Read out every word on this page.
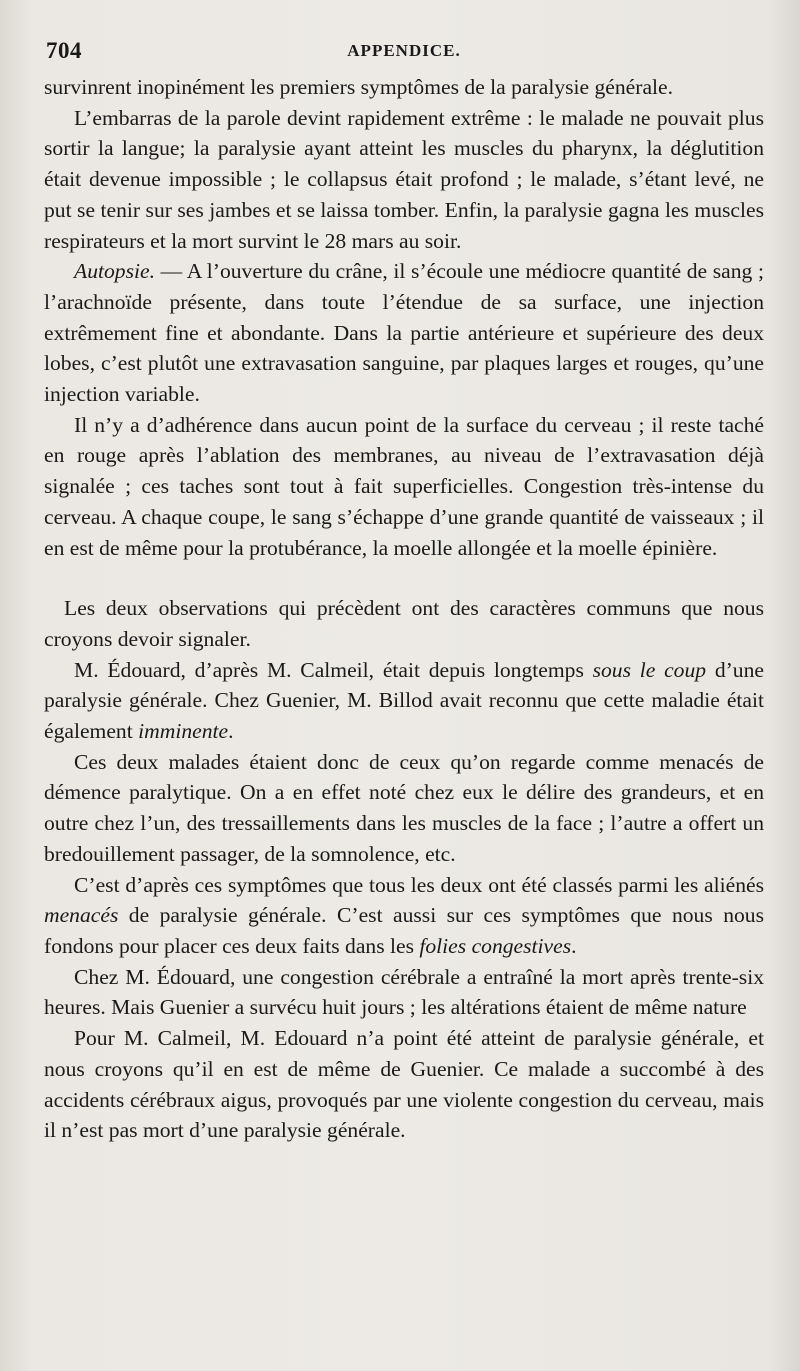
704	APPENDICE.

survinrent inopinément les premiers symptômes de la paralysie générale.

L’embarras de la parole devint rapidement extrême : le malade ne pouvait plus sortir la langue; la paralysie ayant atteint les muscles du pharynx, la déglutition était devenue impossible ; le collapsus était profond ; le malade, s’étant levé, ne put se tenir sur ses jambes et se laissa tomber. Enfin, la paralysie gagna les muscles respirateurs et la mort survint le 28 mars au soir.

Autopsie. — A l’ouverture du crâne, il s’écoule une médiocre quantité de sang ; l’arachnoïde présente, dans toute l’étendue de sa surface, une injection extrêmement fine et abondante. Dans la partie antérieure et supérieure des deux lobes, c’est plutôt une extravasation sanguine, par plaques larges et rouges, qu’une injection variable.

Il n’y a d’adhérence dans aucun point de la surface du cerveau ; il reste taché en rouge après l’ablation des membranes, au niveau de l’extravasation déjà signalée ; ces taches sont tout à fait superficielles. Congestion très-intense du cerveau. A chaque coupe, le sang s’échappe d’une grande quantité de vaisseaux ; il en est de même pour la protubérance, la moelle allongée et la moelle épinière.

Les deux observations qui précèdent ont des caractères communs que nous croyons devoir signaler.

M. Édouard, d’après M. Calmeil, était depuis longtemps sous le coup d’une paralysie générale. Chez Guenier, M. Billod avait reconnu que cette maladie était également imminente.

Ces deux malades étaient donc de ceux qu’on regarde comme menacés de démence paralytique. On a en effet noté chez eux le délire des grandeurs, et en outre chez l’un, des tressaillements dans les muscles de la face ; l’autre a offert un bredouillement passager, de la somnolence, etc.

C’est d’après ces symptômes que tous les deux ont été classés parmi les aliénés menacés de paralysie générale. C’est aussi sur ces symptômes que nous nous fondons pour placer ces deux faits dans les folies congestives.

Chez M. Édouard, une congestion cérébrale a entraîné la mort après trente-six heures. Mais Guenier a survécu huit jours ; les altérations étaient de même nature

Pour M. Calmeil, M. Edouard n’a point été atteint de paralysie générale, et nous croyons qu’il en est de même de Guenier. Ce malade a succombé à des accidents cérébraux aigus, provoqués par une violente congestion du cerveau, mais il n’est pas mort d’une paralysie générale.
